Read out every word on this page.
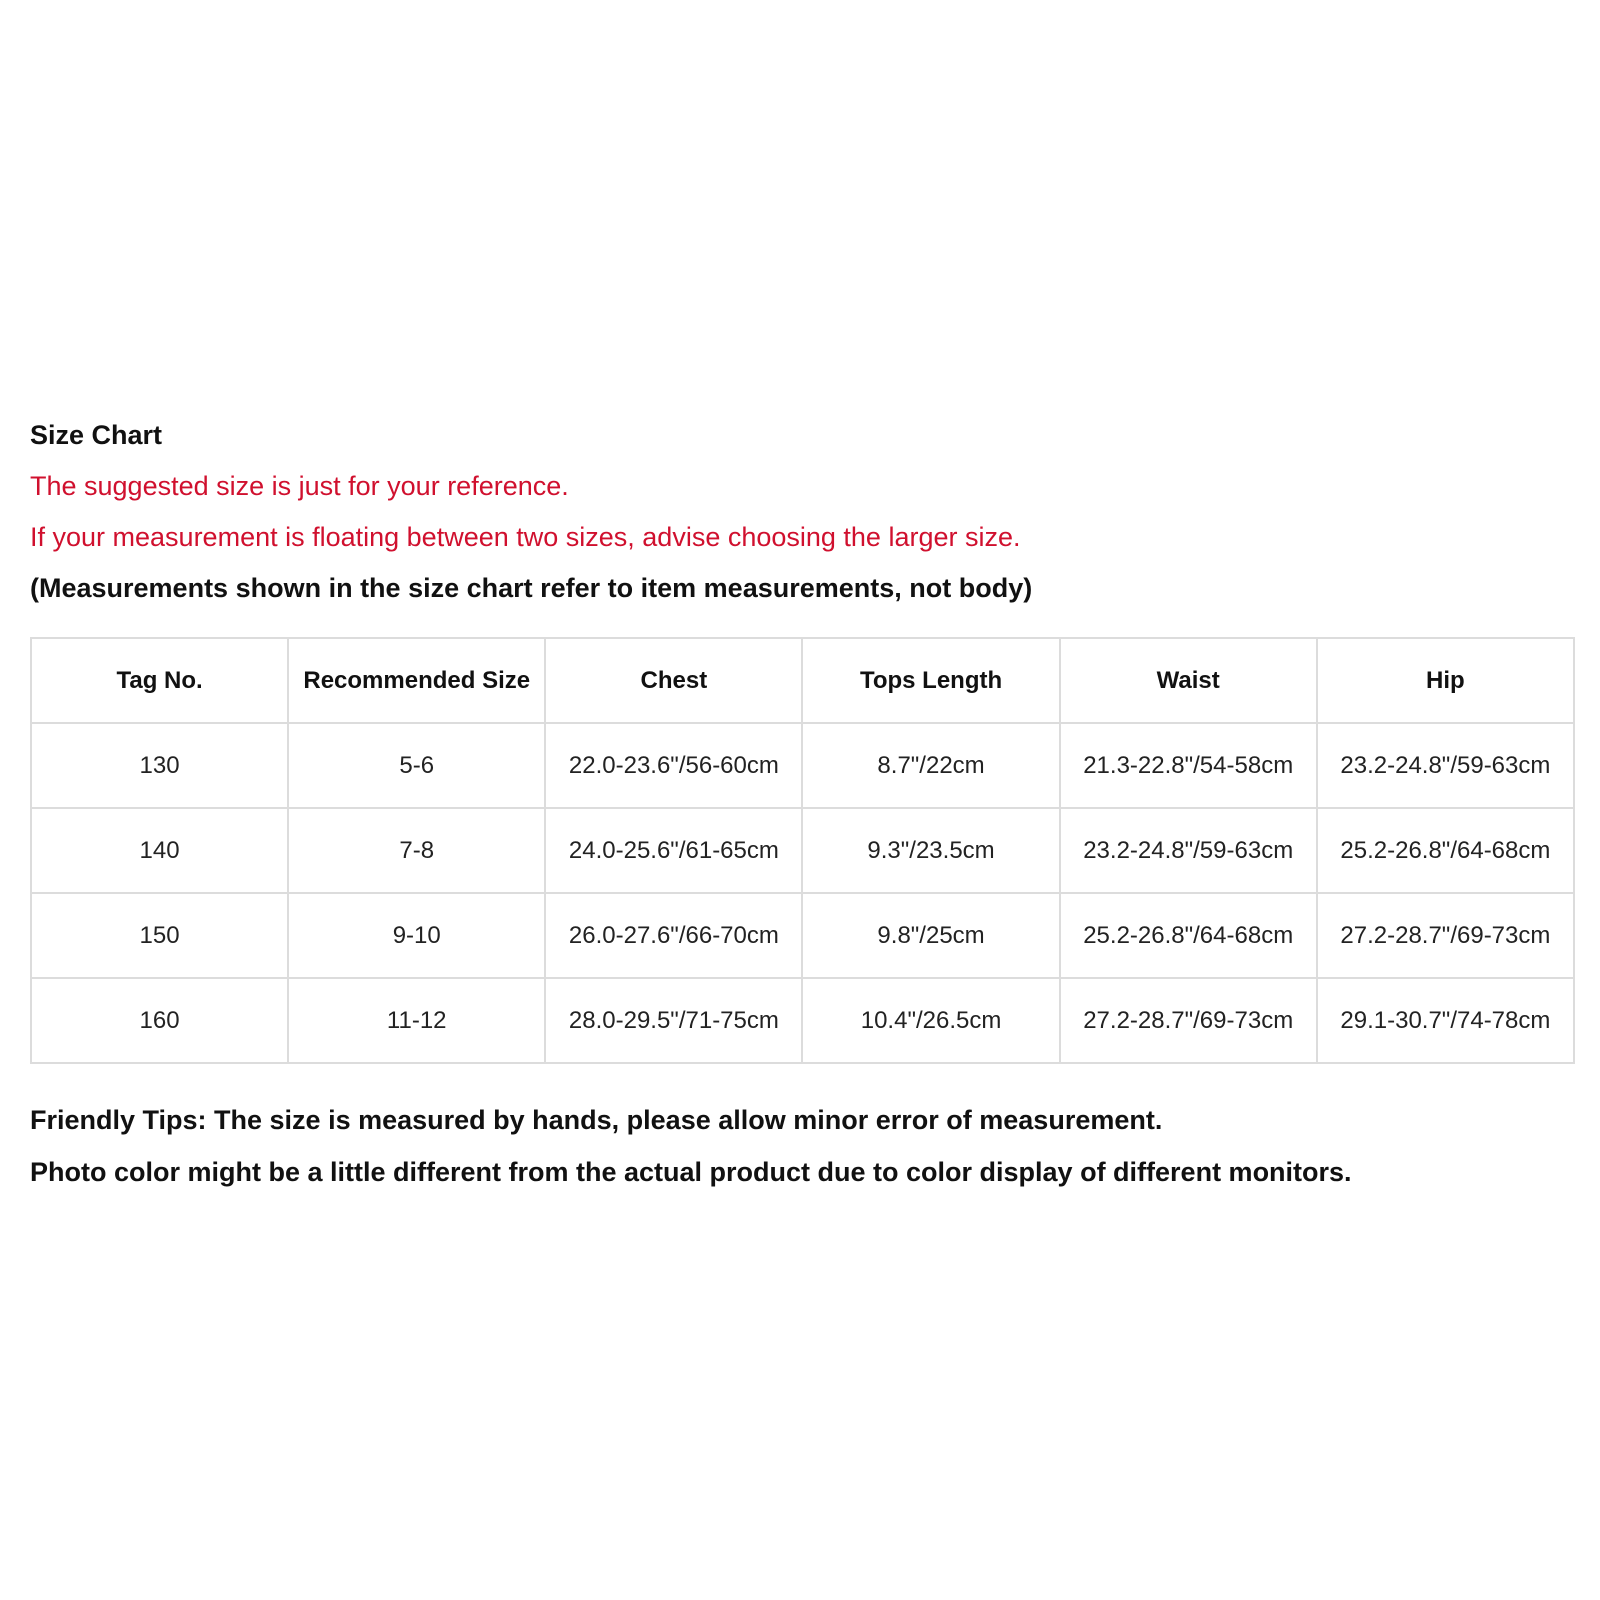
Size Chart
The suggested size is just for your reference.
If your measurement is floating between two sizes, advise choosing the larger size.
(Measurements shown in the size chart refer to item measurements, not body)
Tag No.	Recommended Size	Chest	Tops Length	Waist	Hip
130	5-6	22.0-23.6"/56-60cm	8.7"/22cm	21.3-22.8"/54-58cm	23.2-24.8"/59-63cm
140	7-8	24.0-25.6"/61-65cm	9.3"/23.5cm	23.2-24.8"/59-63cm	25.2-26.8"/64-68cm
150	9-10	26.0-27.6"/66-70cm	9.8"/25cm	25.2-26.8"/64-68cm	27.2-28.7"/69-73cm
160	11-12	28.0-29.5"/71-75cm	10.4"/26.5cm	27.2-28.7"/69-73cm	29.1-30.7"/74-78cm
Friendly Tips: The size is measured by hands, please allow minor error of measurement.
Photo color might be a little different from the actual product due to color display of different monitors.
